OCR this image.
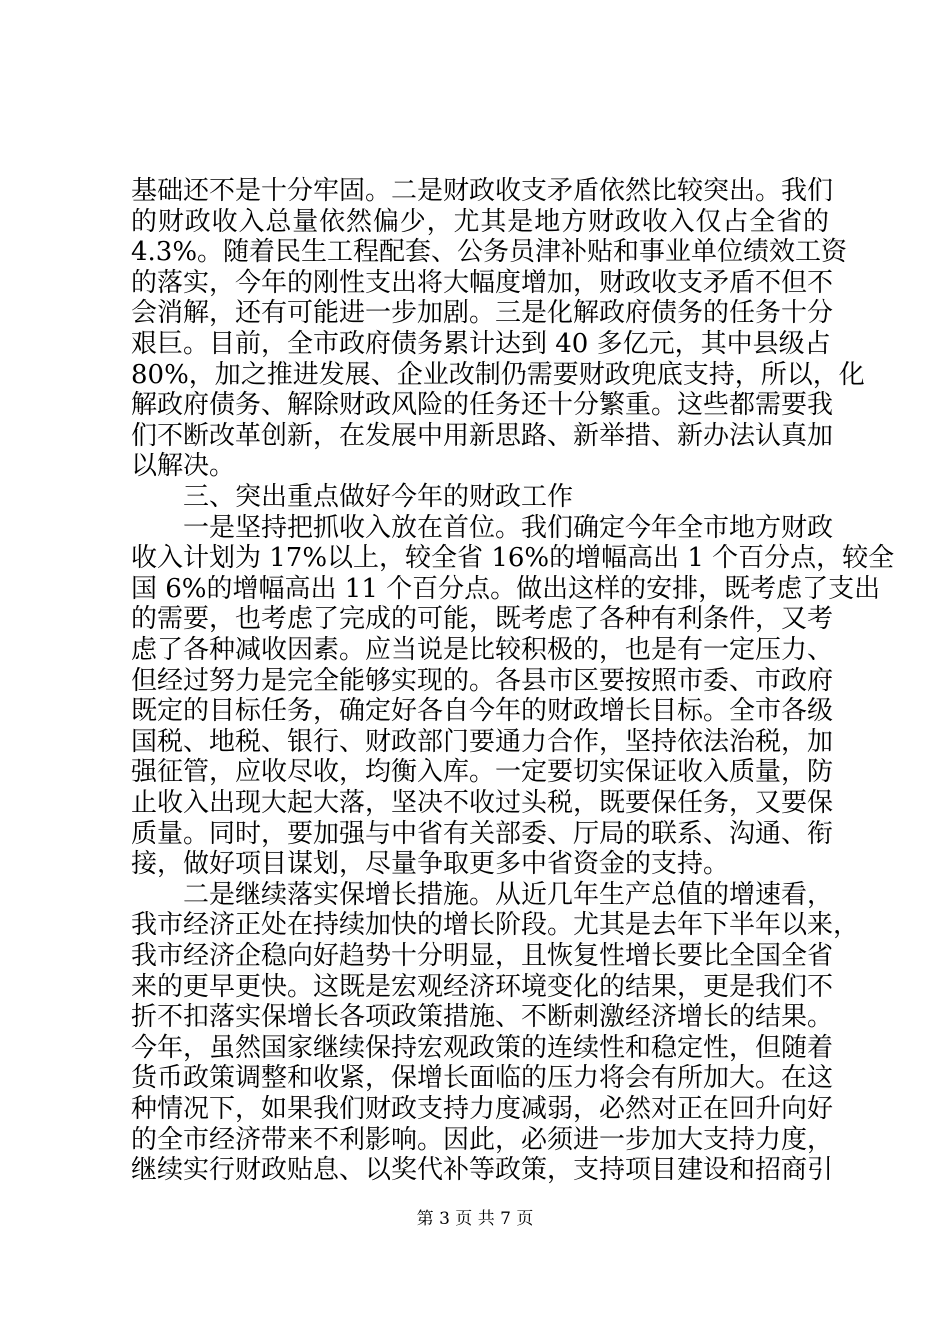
基础还不是十分牢固。二是财政收支矛盾依然比较突出。我们
的财政收入总量依然偏少，尤其是地方财政收入仅占全省的
4.3%。随着民生工程配套、公务员津补贴和事业单位绩效工资
的落实，今年的刚性支出将大幅度增加，财政收支矛盾不但不
会消解，还有可能进一步加剧。三是化解政府债务的任务十分
艰巨。目前，全市政府债务累计达到 40 多亿元，其中县级占
80%，加之推进发展、企业改制仍需要财政兜底支持，所以，化
解政府债务、解除财政风险的任务还十分繁重。这些都需要我
们不断改革创新，在发展中用新思路、新举措、新办法认真加
以解决。
三、突出重点做好今年的财政工作
一是坚持把抓收入放在首位。我们确定今年全市地方财政
收入计划为 17%以上，较全省 16%的增幅高出 1 个百分点，较全
国 6%的增幅高出 11 个百分点。做出这样的安排，既考虑了支出
的需要，也考虑了完成的可能，既考虑了各种有利条件，又考
虑了各种减收因素。应当说是比较积极的，也是有一定压力、
但经过努力是完全能够实现的。各县市区要按照市委、市政府
既定的目标任务，确定好各自今年的财政增长目标。全市各级
国税、地税、银行、财政部门要通力合作，坚持依法治税，加
强征管，应收尽收，均衡入库。一定要切实保证收入质量，防
止收入出现大起大落，坚决不收过头税，既要保任务，又要保
质量。同时，要加强与中省有关部委、厅局的联系、沟通、衔
接，做好项目谋划，尽量争取更多中省资金的支持。
二是继续落实保增长措施。从近几年生产总值的增速看，
我市经济正处在持续加快的增长阶段。尤其是去年下半年以来，
我市经济企稳向好趋势十分明显，且恢复性增长要比全国全省
来的更早更快。这既是宏观经济环境变化的结果，更是我们不
折不扣落实保增长各项政策措施、不断刺激经济增长的结果。
今年，虽然国家继续保持宏观政策的连续性和稳定性，但随着
货币政策调整和收紧，保增长面临的压力将会有所加大。在这
种情况下，如果我们财政支持力度减弱，必然对正在回升向好
第 3 页 共 7 页
的全市经济带来不利影响。因此，必须进一步加大支持力度，
继续实行财政贴息、以奖代补等政策，支持项目建设和招商引
